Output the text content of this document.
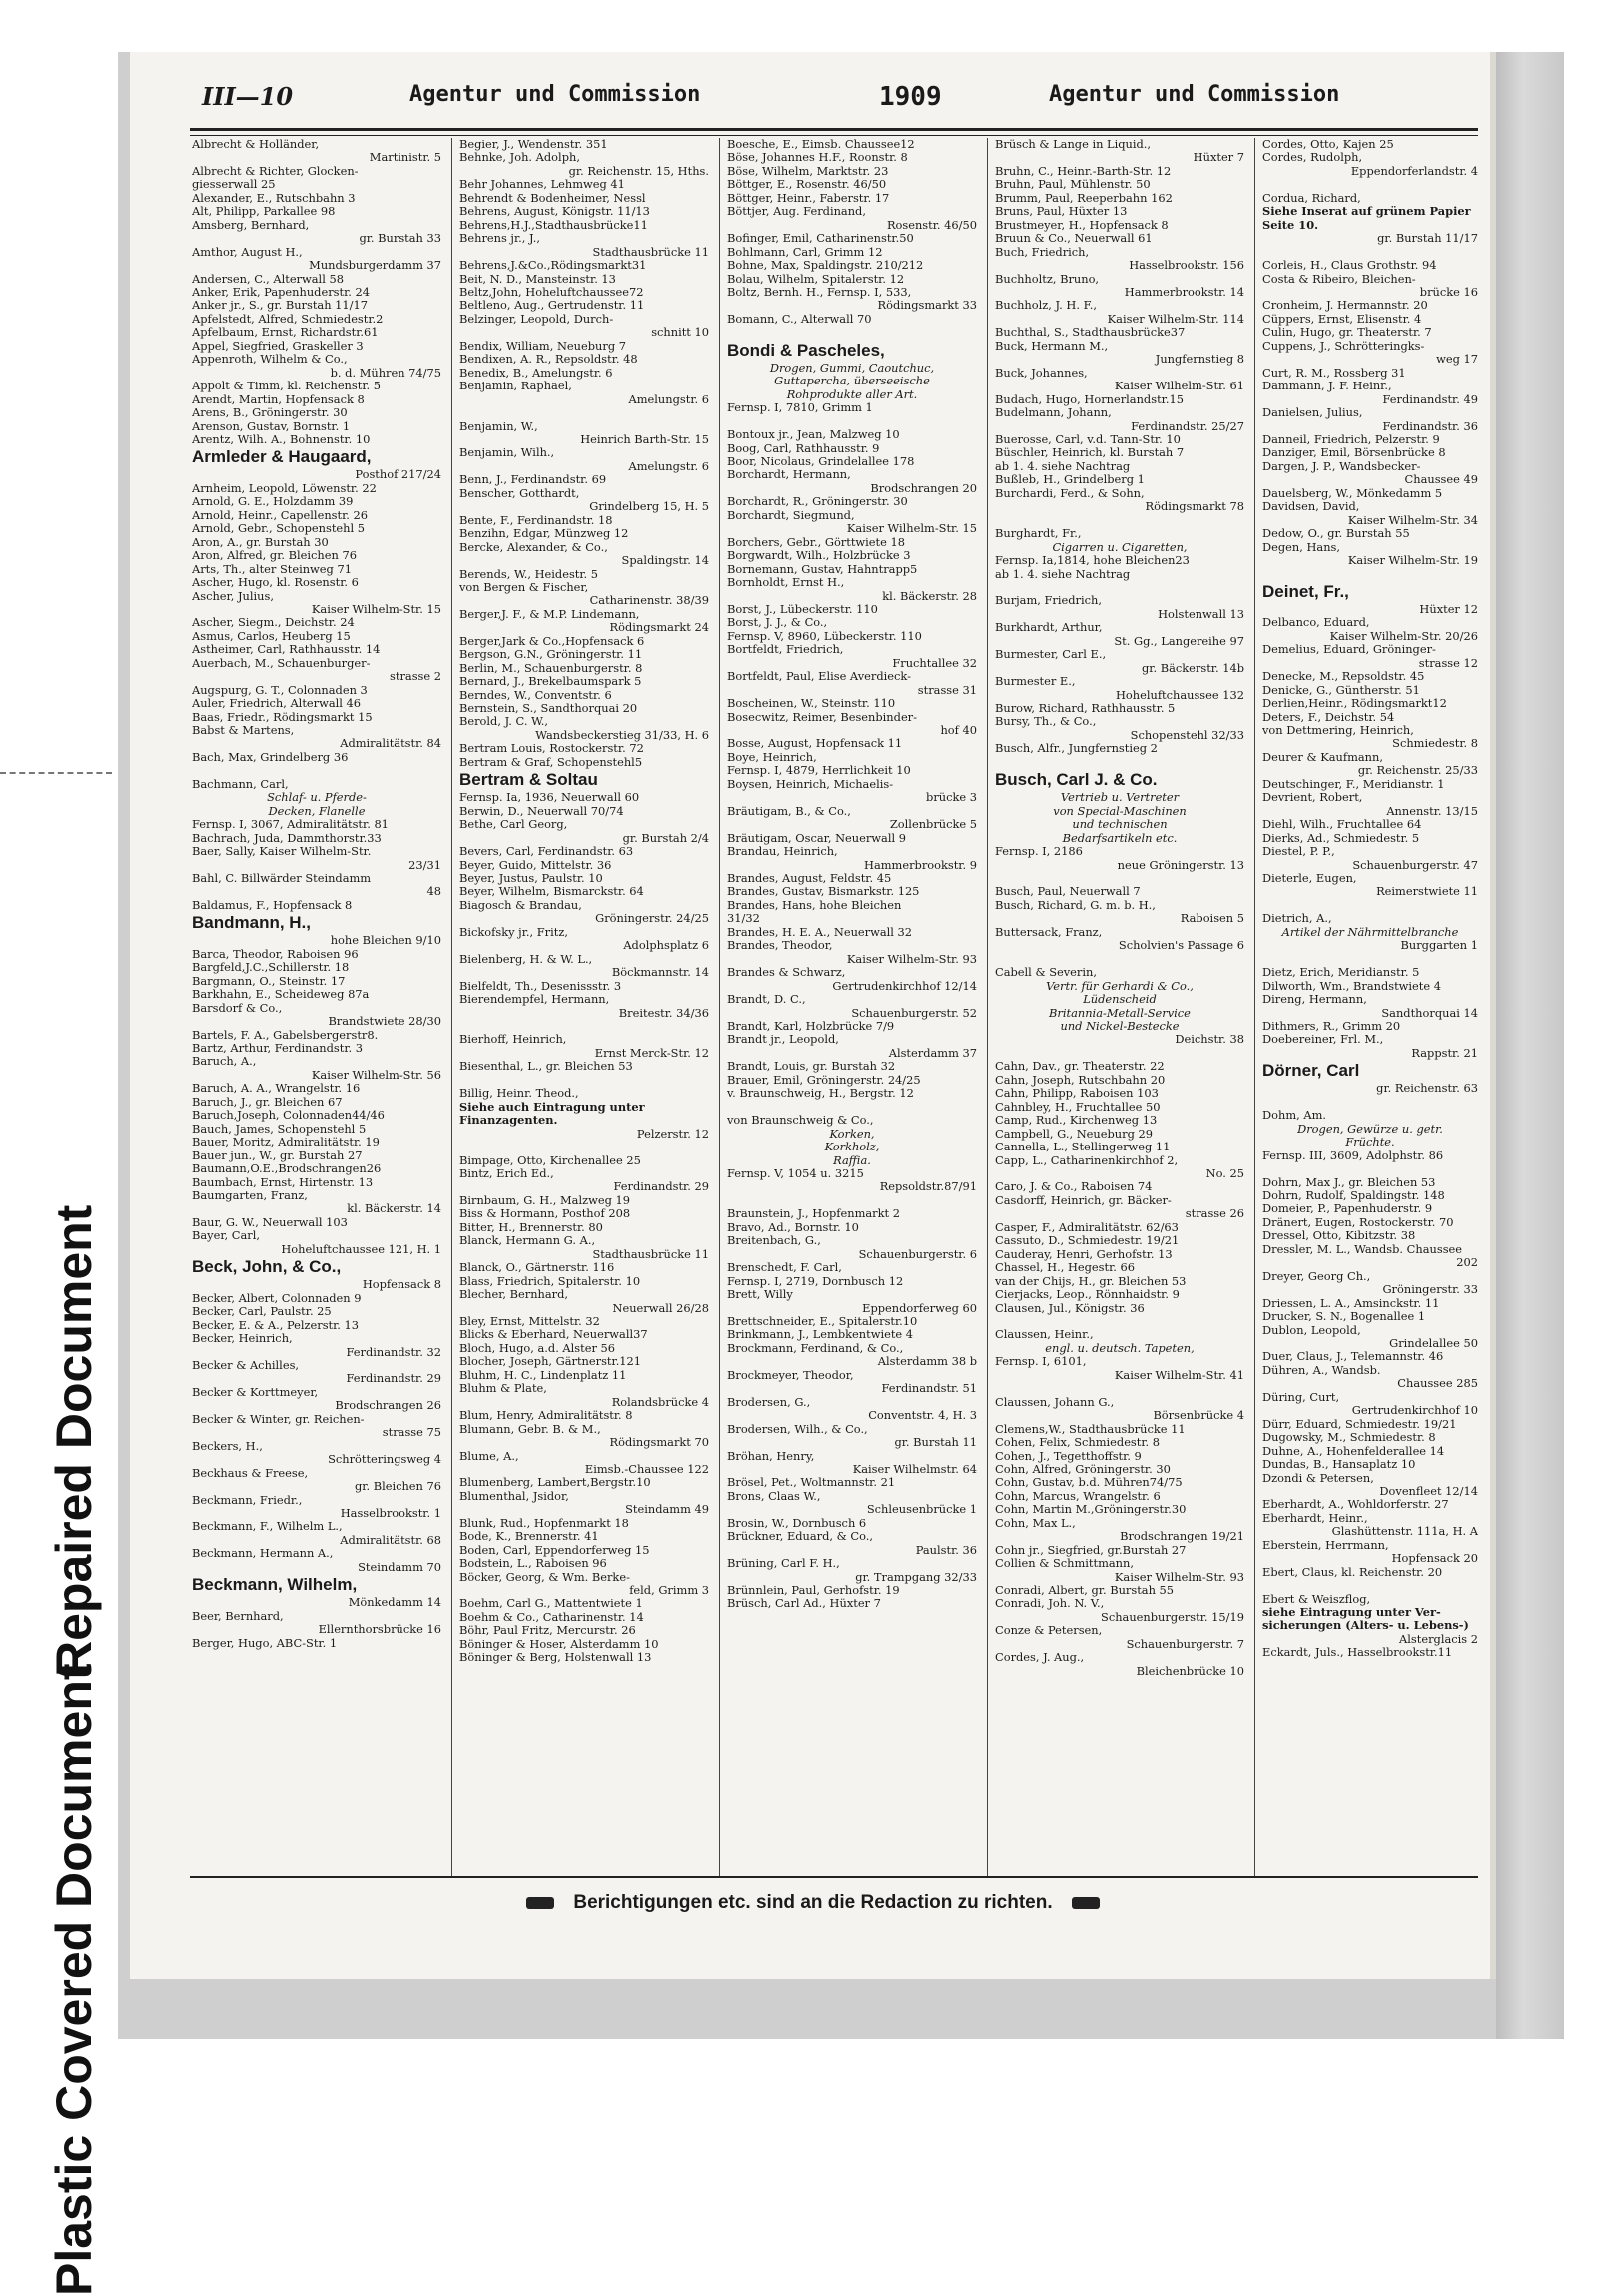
Plastic Covered Document
Repaired Document
III—10	Agentur und Commission	1909	Agentur und Commission
Albrecht & Holländer,
Martinistr. 5
Albrecht & Richter, Glocken-
giesserwall 25
Alexander, E., Rutschbahn 3
Alt, Philipp, Parkallee 98
Amsberg, Bernhard,
gr. Burstah 33
Amthor, August H.,
Mundsburgerdamm 37
Andersen, C., Alterwall 58
Anker, Erik, Papenhuderstr. 24
Anker jr., S., gr. Burstah 11/17
Apfelstedt, Alfred, Schmiedestr.2
Apfelbaum, Ernst, Richardstr.61
Appel, Siegfried, Graskeller 3
Appenroth, Wilhelm & Co.,
b. d. Mühren 74/75
Appolt & Timm, kl. Reichenstr. 5
Arendt, Martin, Hopfensack 8
Arens, B., Gröningerstr. 30
Arenson, Gustav, Bornstr. 1
Arentz, Wilh. A., Bohnenstr. 10
Armleder & Haugaard,
Posthof 217/24
Arnheim, Leopold, Löwenstr. 22
Arnold, G. E., Holzdamm 39
Arnold, Heinr., Capellenstr. 26
Arnold, Gebr., Schopenstehl 5
Aron, A., gr. Burstah 30
Aron, Alfred, gr. Bleichen 76
Arts, Th., alter Steinweg 71
Ascher, Hugo, kl. Rosenstr. 6
Ascher, Julius,
Kaiser Wilhelm-Str. 15
Ascher, Siegm., Deichstr. 24
Asmus, Carlos, Heuberg 15
Astheimer, Carl, Rathhausstr. 14
Auerbach, M., Schauenburger-
strasse 2
Augspurg, G. T., Colonnaden 3
Auler, Friedrich, Alterwall 46
Baas, Friedr., Rödingsmarkt 15
Babst & Martens,
Admiralitätstr. 84
Bach, Max, Grindelberg 36

Bachmann, Carl,
Schlaf- u. Pferde-
Decken, Flanelle
Fernsp. I, 3067, Admiralitätstr. 81
Bachrach, Juda, Dammthorstr.33
Baer, Sally, Kaiser Wilhelm-Str.
23/31
Bahl, C. Billwärder Steindamm
48
Baldamus, F., Hopfensack 8
Bandmann, H.,
hohe Bleichen 9/10
Barca, Theodor, Raboisen 96
Bargfeld,J.C.,Schillerstr. 18
Bargmann, O., Steinstr. 17
Barkhahn, E., Scheideweg 87a
Barsdorf & Co.,
Brandstwiete 28/30
Bartels, F. A., Gabelsbergerstr8.
Bartz, Arthur, Ferdinandstr. 3
Baruch, A.,
Kaiser Wilhelm-Str. 56
Baruch, A. A., Wrangelstr. 16
Baruch, J., gr. Bleichen 67
Baruch,Joseph, Colonnaden44/46
Bauch, James, Schopenstehl 5
Bauer, Moritz, Admiralitätstr. 19
Bauer jun., W., gr. Burstah 27
Baumann,O.E.,Brodschrangen26
Baumbach, Ernst, Hirtenstr. 13
Baumgarten, Franz,
kl. Bäckerstr. 14
Baur, G. W., Neuerwall 103
Bayer, Carl,
Hoheluftchaussee 121, H. 1
Beck, John, & Co.,
Hopfensack 8
Becker, Albert, Colonnaden 9
Becker, Carl, Paulstr. 25
Becker, E. & A., Pelzerstr. 13
Becker, Heinrich,
Ferdinandstr. 32
Becker & Achilles,
Ferdinandstr. 29
Becker & Korttmeyer,
Brodschrangen 26
Becker & Winter, gr. Reichen-
strasse 75
Beckers, H.,
Schrötteringsweg 4
Beckhaus & Freese,
gr. Bleichen 76
Beckmann, Friedr.,
Hasselbrookstr. 1
Beckmann, F., Wilhelm L.,
Admiralitätstr. 68
Beckmann, Hermann A.,
Steindamm 70
Beckmann, Wilhelm,
Mönkedamm 14
Beer, Bernhard,
Ellernthorsbrücke 16
Berger, Hugo, ABC-Str. 1
Begier, J., Wendenstr. 351
Behnke, Joh. Adolph,
gr. Reichenstr. 15, Hths.
Behr Johannes, Lehmweg 41
Behrendt & Bodenheimer, Nessl
Behrens, August, Königstr. 11/13
Behrens,H.J.,Stadthausbrücke11
Behrens jr., J.,
Stadthausbrücke 11
Behrens,J.&Co.,Rödingsmarkt31
Beit, N. D., Mansteinstr. 13
Beltz,John, Hoheluftchaussee72
Beltleno, Aug., Gertrudenstr. 11
Belzinger, Leopold, Durch-
schnitt 10
Bendix, William, Neueburg 7
Bendixen, A. R., Repsoldstr. 48
Benedix, B., Amelungstr. 6
Benjamin, Raphael,
Amelungstr. 6

Benjamin, W.,
Heinrich Barth-Str. 15
Benjamin, Wilh.,
Amelungstr. 6
Benn, J., Ferdinandstr. 69
Benscher, Gotthardt,
Grindelberg 15, H. 5
Bente, F., Ferdinandstr. 18
Benzihn, Edgar, Münzweg 12
Bercke, Alexander, & Co.,
Spaldingstr. 14
Berends, W., Heidestr. 5
von Bergen & Fischer,
Catharinenstr. 38/39
Berger,J. F., & M.P. Lindemann,
Rödingsmarkt 24
Berger,Jark & Co.,Hopfensack 6
Bergson, G.N., Gröningerstr. 11
Berlin, M., Schauenburgerstr. 8
Bernard, J., Brekelbaumspark 5
Berndes, W., Conventstr. 6
Bernstein, S., Sandthorquai 20
Berold, J. C. W.,
Wandsbeckerstieg 31/33, H. 6
Bertram Louis, Rostockerstr. 72
Bertram & Graf, Schopenstehl5
Bertram & Soltau
Fernsp. Ia, 1936, Neuerwall 60
Berwin, D., Neuerwall 70/74
Bethe, Carl Georg,
gr. Burstah 2/4
Bevers, Carl, Ferdinandstr. 63
Beyer, Guido, Mittelstr. 36
Beyer, Justus, Paulstr. 10
Beyer, Wilhelm, Bismarckstr. 64
Biagosch & Brandau,
Gröningerstr. 24/25
Bickofsky jr., Fritz,
Adolphsplatz 6
Bielenberg, H. & W. L.,
Böckmannstr. 14
Bielfeldt, Th., Desenissstr. 3
Bierendempfel, Hermann,
Breitestr. 34/36

Bierhoff, Heinrich,
Ernst Merck-Str. 12
Biesenthal, L., gr. Bleichen 53

Billig, Heinr. Theod.,
Siehe auch Eintragung unter
Finanzagenten.
Pelzerstr. 12

Bimpage, Otto, Kirchenallee 25
Bintz, Erich Ed.,
Ferdinandstr. 29
Birnbaum, G. H., Malzweg 19
Biss & Hormann, Posthof 208
Bitter, H., Brennerstr. 80
Blanck, Hermann G. A.,
Stadthausbrücke 11
Blanck, O., Gärtnerstr. 116
Blass, Friedrich, Spitalerstr. 10
Blecher, Bernhard,
Neuerwall 26/28
Bley, Ernst, Mittelstr. 32
Blicks & Eberhard, Neuerwall37
Bloch, Hugo, a.d. Alster 56
Blocher, Joseph, Gärtnerstr.121
Bluhm, H. C., Lindenplatz 11
Bluhm & Plate,
Rolandsbrücke 4
Blum, Henry, Admiralitätstr. 8
Blumann, Gebr. B. & M.,
Rödingsmarkt 70
Blume, A.,
Eimsb.-Chaussee 122
Blumenberg, Lambert,Bergstr.10
Blumenthal, Jsidor,
Steindamm 49
Blunk, Rud., Hopfenmarkt 18
Bode, K., Brennerstr. 41
Boden, Carl, Eppendorferweg 15
Bodstein, L., Raboisen 96
Böcker, Georg, & Wm. Berke-
feld, Grimm 3
Boehm, Carl G., Mattentwiete 1
Boehm & Co., Catharinenstr. 14
Böhr, Paul Fritz, Mercurstr. 26
Böninger & Hoser, Alsterdamm 10
Böninger & Berg, Holstenwall 13
Boesche, E., Eimsb. Chaussee12
Böse, Johannes H.F., Roonstr. 8
Böse, Wilhelm, Marktstr. 23
Böttger, E., Rosenstr. 46/50
Böttger, Heinr., Faberstr. 17
Böttjer, Aug. Ferdinand,
Rosenstr. 46/50
Bofinger, Emil, Catharinenstr.50
Bohlmann, Carl, Grimm 12
Bohne, Max, Spaldingstr. 210/212
Bolau, Wilhelm, Spitalerstr. 12
Boltz, Bernh. H., Fernsp. I, 533,
Rödingsmarkt 33
Bomann, C., Alterwall 70

Bondi & Pascheles,
Drogen, Gummi, Caoutchuc,
Guttapercha, überseeische
Rohprodukte aller Art.
Fernsp. I, 7810, Grimm 1

Bontoux jr., Jean, Malzweg 10
Boog, Carl, Rathhausstr. 9
Boor, Nicolaus, Grindelallee 178
Borchardt, Hermann,
Brodschrangen 20
Borchardt, R., Gröningerstr. 30
Borchardt, Siegmund,
Kaiser Wilhelm-Str. 15
Borchers, Gebr., Görttwiete 18
Borgwardt, Wilh., Holzbrücke 3
Bornemann, Gustav, Hahntrapp5
Bornholdt, Ernst H.,
kl. Bäckerstr. 28
Borst, J., Lübeckerstr. 110
Borst, J. J., & Co.,
Fernsp. V, 8960, Lübeckerstr. 110
Bortfeldt, Friedrich,
Fruchtallee 32
Bortfeldt, Paul, Elise Averdieck-
strasse 31
Boscheinen, W., Steinstr. 110
Bosecwitz, Reimer, Besenbinder-
hof 40
Bosse, August, Hopfensack 11
Boye, Heinrich,
Fernsp. I, 4879, Herrlichkeit 10
Boysen, Heinrich, Michaelis-
brücke 3
Bräutigam, B., & Co.,
Zollenbrücke 5
Bräutigam, Oscar, Neuerwall 9
Brandau, Heinrich,
Hammerbrookstr. 9
Brandes, August, Feldstr. 45
Brandes, Gustav, Bismarkstr. 125
Brandes, Hans, hohe Bleichen
31/32
Brandes, H. E. A., Neuerwall 32
Brandes, Theodor,
Kaiser Wilhelm-Str. 93
Brandes & Schwarz,
Gertrudenkirchhof 12/14
Brandt, D. C.,
Schauenburgerstr. 52
Brandt, Karl, Holzbrücke 7/9
Brandt jr., Leopold,
Alsterdamm 37
Brandt, Louis, gr. Burstah 32
Brauer, Emil, Gröningerstr. 24/25
v. Braunschweig, H., Bergstr. 12

von Braunschweig & Co.,
Korken,
Korkholz,
Raffia.
Fernsp. V, 1054 u. 3215
Repsoldstr.87/91

Braunstein, J., Hopfenmarkt 2
Bravo, Ad., Bornstr. 10
Breitenbach, G.,
Schauenburgerstr. 6
Brenschedt, F. Carl,
Fernsp. I, 2719, Dornbusch 12
Brett, Willy
Eppendorferweg 60
Brettschneider, E., Spitalerstr.10
Brinkmann, J., Lembkentwiete 4
Brockmann, Ferdinand, & Co.,
Alsterdamm 38 b
Brockmeyer, Theodor,
Ferdinandstr. 51
Brodersen, G.,
Conventstr. 4, H. 3
Brodersen, Wilh., & Co.,
gr. Burstah 11
Bröhan, Henry,
Kaiser Wilhelmstr. 64
Brösel, Pet., Woltmannstr. 21
Brons, Claas W.,
Schleusenbrücke 1
Brosin, W., Dornbusch 6
Brückner, Eduard, & Co.,
Paulstr. 36
Brüning, Carl F. H.,
gr. Trampgang 32/33
Brünnlein, Paul, Gerhofstr. 19
Brüsch, Carl Ad., Hüxter 7
Brüsch & Lange in Liquid.,
Hüxter 7
Bruhn, C., Heinr.-Barth-Str. 12
Bruhn, Paul, Mühlenstr. 50
Brumm, Paul, Reeperbahn 162
Bruns, Paul, Hüxter 13
Brustmeyer, H., Hopfensack 8
Bruun & Co., Neuerwall 61
Buch, Friedrich,
Hasselbrookstr. 156
Buchholtz, Bruno,
Hammerbrookstr. 14
Buchholz, J. H. F.,
Kaiser Wilhelm-Str. 114
Buchthal, S., Stadthausbrücke37
Buck, Hermann M.,
Jungfernstieg 8
Buck, Johannes,
Kaiser Wilhelm-Str. 61
Budach, Hugo, Hornerlandstr.15
Budelmann, Johann,
Ferdinandstr. 25/27
Buerosse, Carl, v.d. Tann-Str. 10
Büschler, Heinrich, kl. Burstah 7
ab 1. 4. siehe Nachtrag
Bußleb, H., Grindelberg 1
Burchardi, Ferd., & Sohn,
Rödingsmarkt 78

Burghardt, Fr.,
Cigarren u. Cigaretten,
Fernsp. Ia,1814, hohe Bleichen23
ab 1. 4. siehe Nachtrag

Burjam, Friedrich,
Holstenwall 13
Burkhardt, Arthur,
St. Gg., Langereihe 97
Burmester, Carl E.,
gr. Bäckerstr. 14b
Burmester E.,
Hoheluftchaussee 132
Burow, Richard, Rathhausstr. 5
Bursy, Th., & Co.,
Schopenstehl 32/33
Busch, Alfr., Jungfernstieg 2

Busch, Carl J. & Co.
Vertrieb u. Vertreter
von Special-Maschinen
und technischen
Bedarfsartikeln etc.
Fernsp. I, 2186
neue Gröningerstr. 13

Busch, Paul, Neuerwall 7
Busch, Richard, G. m. b. H.,
Raboisen 5
Buttersack, Franz,
Scholvien's Passage 6

Cabell & Severin,
Vertr. für Gerhardi & Co.,
Lüdenscheid
Britannia-Metall-Service
und Nickel-Bestecke
Deichstr. 38

Cahn, Dav., gr. Theaterstr. 22
Cahn, Joseph, Rutschbahn 20
Cahn, Philipp, Raboisen 103
Cahnbley, H., Fruchtallee 50
Camp, Rud., Kirchenweg 13
Campbell, G., Neueburg 29
Cannella, L., Stellingerweg 11
Capp, L., Catharinenkirchhof 2,
No. 25
Caro, J. & Co., Raboisen 74
Casdorff, Heinrich, gr. Bäcker-
strasse 26
Casper, F., Admiralitätstr. 62/63
Cassuto, D., Schmiedestr. 19/21
Cauderay, Henri, Gerhofstr. 13
Chassel, H., Hegestr. 66
van der Chijs, H., gr. Bleichen 53
Cierjacks, Leop., Rönnhaidstr. 9
Clausen, Jul., Königstr. 36

Claussen, Heinr.,
engl. u. deutsch. Tapeten,
Fernsp. I, 6101,
Kaiser Wilhelm-Str. 41

Claussen, Johann G.,
Börsenbrücke 4
Clemens,W., Stadthausbrücke 11
Cohen, Felix, Schmiedestr. 8
Cohen, J., Tegetthoffstr. 9
Cohn, Alfred, Gröningerstr. 30
Cohn, Gustav, b.d. Mühren74/75
Cohn, Marcus, Wrangelstr. 6
Cohn, Martin M.,Gröningerstr.30
Cohn, Max L.,
Brodschrangen 19/21
Cohn jr., Siegfried, gr.Burstah 27
Collien & Schmittmann,
Kaiser Wilhelm-Str. 93
Conradi, Albert, gr. Burstah 55
Conradi, Joh. N. V.,
Schauenburgerstr. 15/19
Conze & Petersen,
Schauenburgerstr. 7
Cordes, J. Aug.,
Bleichenbrücke 10
Cordes, Otto, Kajen 25
Cordes, Rudolph,
Eppendorferlandstr. 4

Cordua, Richard,
Siehe Inserat auf grünem Papier
Seite 10.
gr. Burstah 11/17

Corleis, H., Claus Grothstr. 94
Costa & Ribeiro, Bleichen-
brücke 16
Cronheim, J. Hermannstr. 20
Cüppers, Ernst, Elisenstr. 4
Culin, Hugo, gr. Theaterstr. 7
Cuppens, J., Schrötteringks-
weg 17
Curt, R. M., Rossberg 31
Dammann, J. F. Heinr.,
Ferdinandstr. 49
Danielsen, Julius,
Ferdinandstr. 36
Danneil, Friedrich, Pelzerstr. 9
Danziger, Emil, Börsenbrücke 8
Dargen, J. P., Wandsbecker-
Chaussee 49
Dauelsberg, W., Mönkedamm 5
Davidsen, David,
Kaiser Wilhelm-Str. 34
Dedow, O., gr. Burstah 55
Degen, Hans,
Kaiser Wilhelm-Str. 19

Deinet, Fr.,
Hüxter 12
Delbanco, Eduard,
Kaiser Wilhelm-Str. 20/26
Demelius, Eduard, Gröninger-
strasse 12
Denecke, M., Repsoldstr. 45
Denicke, G., Güntherstr. 51
Derlien,Heinr., Rödingsmarkt12
Deters, F., Deichstr. 54
von Dettmering, Heinrich,
Schmiedestr. 8
Deurer & Kaufmann,
gr. Reichenstr. 25/33
Deutschinger, F., Meridianstr. 1
Devrient, Robert,
Annenstr. 13/15
Diehl, Wilh., Fruchtallee 64
Dierks, Ad., Schmiedestr. 5
Diestel, P. P.,
Schauenburgerstr. 47
Dieterle, Eugen,
Reimerstwiete 11

Dietrich, A.,
Artikel der Nährmittelbranche
Burggarten 1

Dietz, Erich, Meridianstr. 5
Dilworth, Wm., Brandstwiete 4
Direng, Hermann,
Sandthorquai 14
Dithmers, R., Grimm 20
Doebereiner, Frl. M.,
Rappstr. 21
Dörner, Carl
gr. Reichenstr. 63

Dohm, Am.
Drogen, Gewürze u. getr.
Früchte.
Fernsp. III, 3609, Adolphstr. 86

Dohrn, Max J., gr. Bleichen 53
Dohrn, Rudolf, Spaldingstr. 148
Domeier, P., Papenhuderstr. 9
Dränert, Eugen, Rostockerstr. 70
Dressel, Otto, Kibitzstr. 38
Dressler, M. L., Wandsb. Chaussee
202
Dreyer, Georg Ch.,
Gröningerstr. 33
Driessen, L. A., Amsinckstr. 11
Drucker, S. N., Bogenallee 1
Dublon, Leopold,
Grindelallee 50
Duer, Claus, J., Telemannstr. 46
Dühren, A., Wandsb.
Chaussee 285
Düring, Curt,
Gertrudenkirchhof 10
Dürr, Eduard, Schmiedestr. 19/21
Dugowsky, M., Schmiedestr. 8
Duhne, A., Hohenfelderallee 14
Dundas, B., Hansaplatz 10
Dzondi & Petersen,
Dovenfleet 12/14
Eberhardt, A., Wohldorferstr. 27
Eberhardt, Heinr.,
Glashüttenstr. 111a, H. A
Eberstein, Herrmann,
Hopfensack 20
Ebert, Claus, kl. Reichenstr. 20

Ebert & Weiszflog,
siehe Eintragung unter Ver-
sicherungen (Alters- u. Lebens-)
Alsterglacis 2
Eckardt, Juls., Hasselbrookstr.11
Berichtigungen etc. sind an die Redaction zu richten.
